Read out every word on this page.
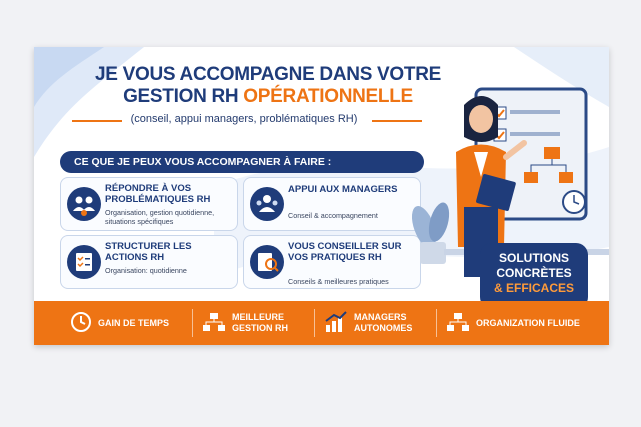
JE VOUS ACCOMPAGNE DANS VOTRE
GESTION RH OPÉRATIONNELLE
(conseil, appui managers, problématiques RH)
CE QUE JE PEUX VOUS ACCOMPAGNER À FAIRE :
RÉPONDRE À VOS PROBLÉMATIQUES RH
Organisation, gestion quotidienne, situations spécifiques
APPUI AUX MANAGERS
Conseil & accompagnement
STRUCTURER LES ACTIONS RH
Organisation: quotidienne
VOUS CONSEILLER SUR VOS PRATIQUES RH
Conseils & meilleures pratiques
SOLUTIONS
CONCRÈTES
& EFFICACES
GAIN DE TEMPS
MEILLEURE GESTION RH
MANAGERS AUTONOMES
ORGANIZATION FLUIDE
